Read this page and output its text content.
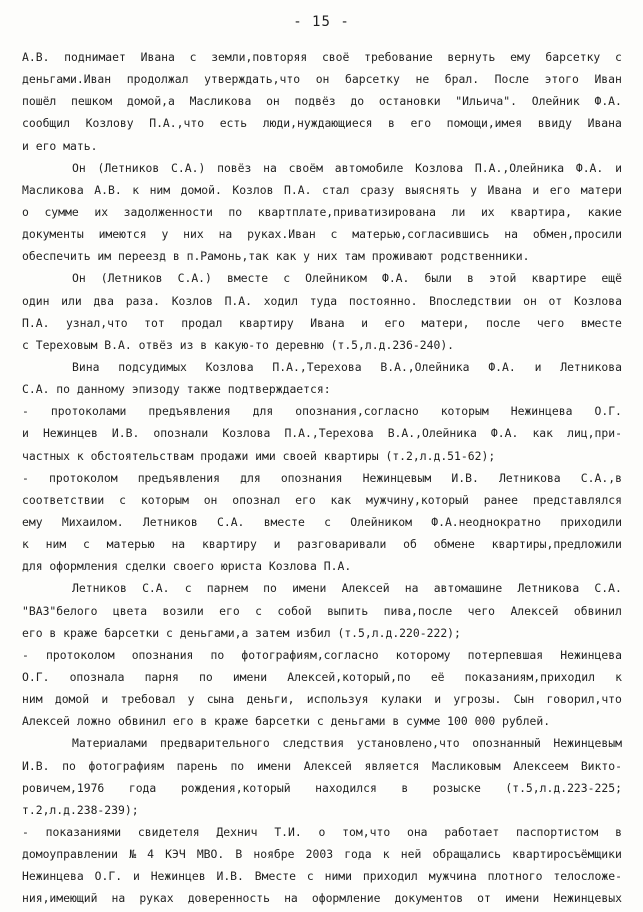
- 15 -
А.В. поднимает Ивана с земли,повторяя своё требование вернуть ему барсетку с
деньгами.Иван продолжал утверждать,что он барсетку не брал. После этого Иван
пошёл пешком домой,а Масликова он подвёз до остановки "Ильича". Олейник Ф.А.
сообщил Козлову П.А.,что есть люди,нуждающиеся в его помощи,имея ввиду Ивана
и его мать.
Он (Летников С.А.) повёз на своём автомобиле Козлова П.А.,Олейника Ф.А. и
Масликова А.В. к ним домой. Козлов П.А. стал сразу выяснять у Ивана и его матери
о сумме их задолженности по квартплате,приватизирована ли их квартира, какие
документы имеются у них на руках.Иван с матерью,согласившись на обмен,просили
обеспечить им переезд в п.Рамонь,так как у них там проживают родственники.
Он (Летников С.А.) вместе с Олейником Ф.А. были в этой квартире ещё
один или два раза. Козлов П.А. ходил туда постоянно. Впоследствии он от Козлова
П.А. узнал,что тот продал квартиру Ивана и его матери, после чего вместе
с Тереховым В.А. отвёз из в какую-то деревню (т.5,л.д.236-240).
Вина подсудимых Козлова П.А.,Терехова В.А.,Олейника Ф.А. и Летникова
С.А. по данному эпизоду также подтверждается:
- протоколами предъявления для опознания,согласно которым Нежинцева О.Г.
и Нежинцев И.В. опознали Козлова П.А.,Терехова В.А.,Олейника Ф.А. как лиц,при-
частных к обстоятельствам продажи ими своей квартиры (т.2,л.д.51-62);
- протоколом предъявления для опознания Нежинцевым И.В. Летникова С.А.,в
соответствии с которым он опознал его как мужчину,который ранее представлялся
ему Михаилом. Летников С.А. вместе с Олейником Ф.А.неоднократно приходили
к ним с матерью на квартиру и разговаривали об обмене квартиры,предложили
для оформления сделки своего юриста Козлова П.А.
Летников С.А. с парнем по имени Алексей на автомашине Летникова С.А.
"ВАЗ"белого цвета возили его с собой выпить пива,после чего Алексей обвинил
его в краже барсетки с деньгами,а затем избил (т.5,л.д.220-222);
- протоколом опознания по фотографиям,согласно которому потерпевшая Нежинцева
О.Г. опознала парня по имени Алексей,который,по её показаниям,приходил к
ним домой и требовал у сына деньги, используя кулаки и угрозы. Сын говорил,что
Алексей ложно обвинил его в краже барсетки с деньгами в сумме 100 000 рублей.
Материалами предварительного следствия установлено,что опознанный Нежинцевым
И.В. по фотографиям парень по имени Алексей является Масликовым Алексеем Викто-
ровичем,1976 года рождения,который находился в розыске (т.5,л.д.223-225;
т.2,л.д.238-239);
- показаниями свидетеля Дехнич Т.И. о том,что она работает паспортистом в
домоуправлении № 4 КЭЧ МВО. В ноябре 2003 года к ней обращались квартиросъёмщики
Нежинцева О.Г. и Нежинцев И.В. Вместе с ними приходил мужчина плотного телосложе-
ния,имеющий на руках доверенность на оформление документов от имени Нежинцевых
